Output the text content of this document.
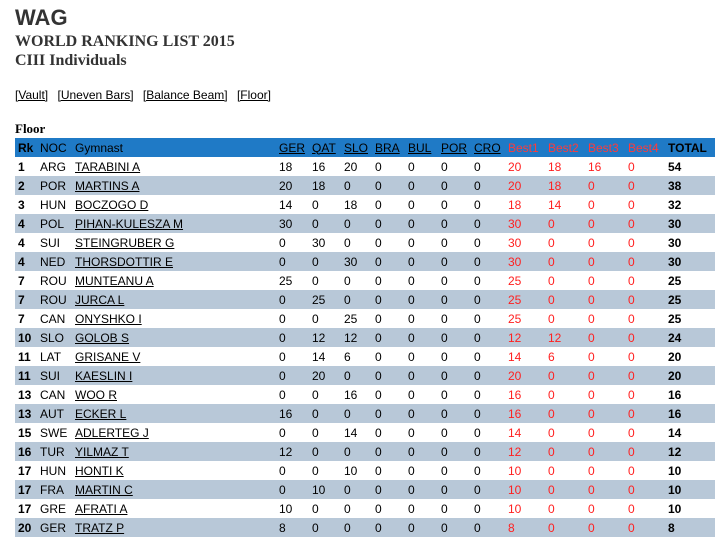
WAG
WORLD RANKING LIST 2015
CIII Individuals
[Vault] [Uneven Bars] [Balance Beam] [Floor]
Floor
Rk	NOC	Gymnast	GER	QAT	SLO	BRA	BUL	POR	CRO	Best1	Best2	Best3	Best4	TOTAL
1	ARG	TARABINI A	18	16	20	0	0	0	0	20	18	16	0	54
2	POR	MARTINS A	20	18	0	0	0	0	0	20	18	0	0	38
3	HUN	BOCZOGO D	14	0	18	0	0	0	0	18	14	0	0	32
4	POL	PIHAN-KULESZA M	30	0	0	0	0	0	0	30	0	0	0	30
4	SUI	STEINGRUBER G	0	30	0	0	0	0	0	30	0	0	0	30
4	NED	THORSDOTTIR E	0	0	30	0	0	0	0	30	0	0	0	30
7	ROU	MUNTEANU A	25	0	0	0	0	0	0	25	0	0	0	25
7	ROU	JURCA L	0	25	0	0	0	0	0	25	0	0	0	25
7	CAN	ONYSHKO I	0	0	25	0	0	0	0	25	0	0	0	25
10	SLO	GOLOB S	0	12	12	0	0	0	0	12	12	0	0	24
11	LAT	GRISANE V	0	14	6	0	0	0	0	14	6	0	0	20
11	SUI	KAESLIN I	0	20	0	0	0	0	0	20	0	0	0	20
13	CAN	WOO R	0	0	16	0	0	0	0	16	0	0	0	16
13	AUT	ECKER L	16	0	0	0	0	0	0	16	0	0	0	16
15	SWE	ADLERTEG J	0	0	14	0	0	0	0	14	0	0	0	14
16	TUR	YILMAZ T	12	0	0	0	0	0	0	12	0	0	0	12
17	HUN	HONTI K	0	0	10	0	0	0	0	10	0	0	0	10
17	FRA	MARTIN C	0	10	0	0	0	0	0	10	0	0	0	10
17	GRE	AFRATI A	10	0	0	0	0	0	0	10	0	0	0	10
20	GER	TRATZ P	8	0	0	0	0	0	0	8	0	0	0	8
